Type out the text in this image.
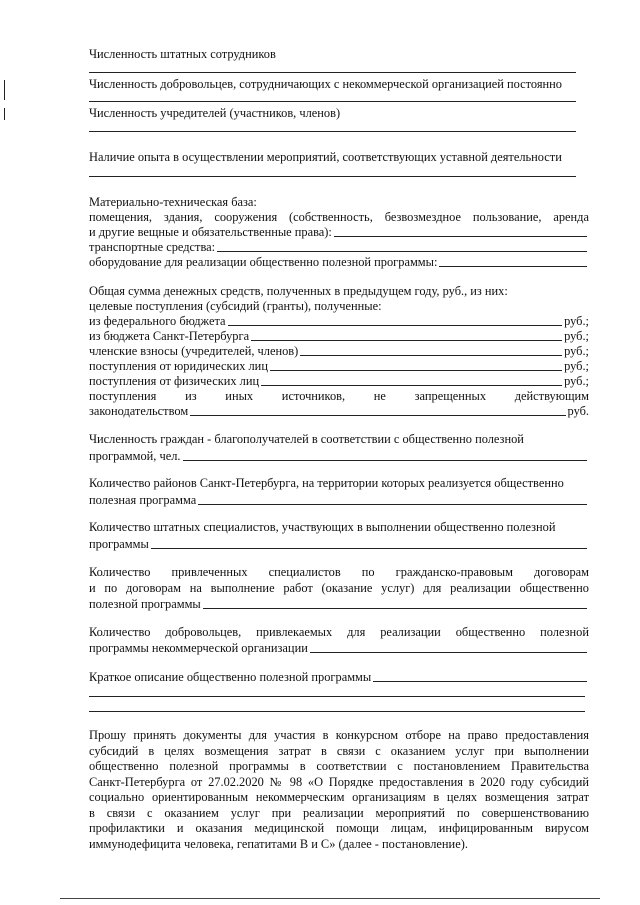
Численность штатных сотрудников
Численность добровольцев, сотрудничающих с некоммерческой организацией постоянно
Численность учредителей (участников, членов)
Наличие опыта в осуществлении мероприятий, соответствующих уставной деятельности
Материально-техническая база:
помещения, здания, сооружения (собственность, безвозмездное пользование, аренда
и другие вещные и обязательственные права):
транспортные средства:
оборудование для реализации общественно полезной программы:
Общая сумма денежных средств, полученных в предыдущем году, руб., из них:
целевые поступления (субсидий (гранты), полученные:
из федерального бюджета	руб.;
из бюджета Санкт-Петербурга	руб.;
членские взносы (учредителей, членов)	руб.;
поступления от юридических лиц	руб.;
поступления от физических лиц	руб.;
поступления из иных источников, не запрещенных действующим
законодательством	руб.
Численность граждан - благополучателей в соответствии с общественно полезной
программой, чел.
Количество районов Санкт-Петербурга, на территории которых реализуется общественно
полезная программа
Количество штатных специалистов, участвующих в выполнении общественно полезной
программы
Количество привлеченных специалистов по гражданско-правовым договорам
и по договорам на выполнение работ (оказание услуг) для реализации общественно
полезной программы
Количество добровольцев, привлекаемых для реализации общественно полезной
программы некоммерческой организации
Краткое описание общественно полезной программы
Прошу принять документы для участия в конкурсном отборе на право предоставления
субсидий в целях возмещения затрат в связи с оказанием услуг при выполнении
общественно полезной программы в соответствии с постановлением Правительства
Санкт-Петербурга от 27.02.2020 № 98 «О Порядке предоставления в 2020 году субсидий
социально ориентированным некоммерческим организациям в целях возмещения затрат
в связи с оказанием услуг при реализации мероприятий по совершенствованию
профилактики и оказания медицинской помощи лицам, инфицированным вирусом
иммунодефицита человека, гепатитами В и С» (далее - постановление).
